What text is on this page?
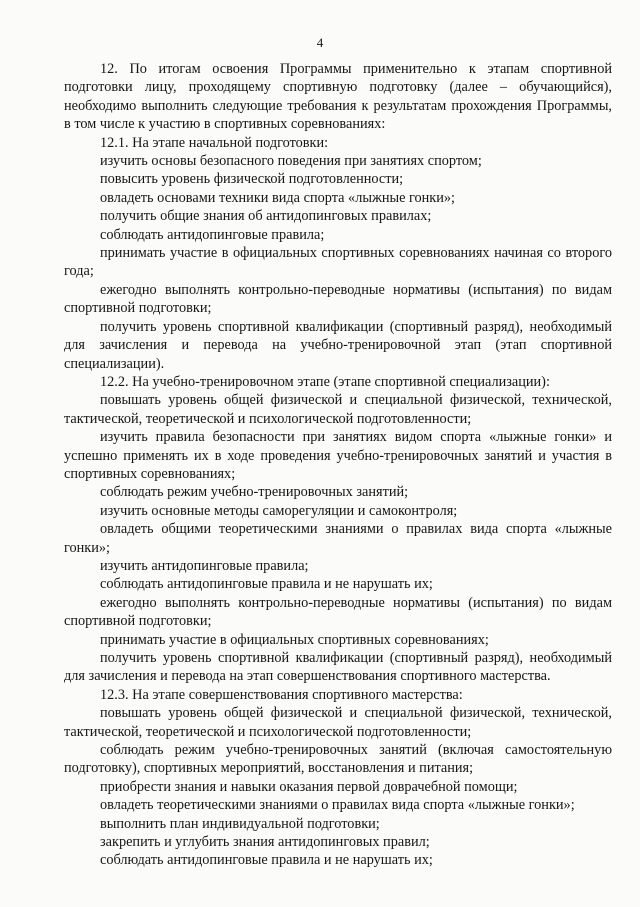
4

12. По итогам освоения Программы применительно к этапам спортивной подготовки лицу, проходящему спортивную подготовку (далее – обучающийся), необходимо выполнить следующие требования к результатам прохождения Программы, в том числе к участию в спортивных соревнованиях:

12.1. На этапе начальной подготовки:

изучить основы безопасного поведения при занятиях спортом;

повысить уровень физической подготовленности;

овладеть основами техники вида спорта «лыжные гонки»;

получить общие знания об антидопинговых правилах;

соблюдать антидопинговые правила;

принимать участие в официальных спортивных соревнованиях начиная со второго года;

ежегодно выполнять контрольно-переводные нормативы (испытания) по видам спортивной подготовки;

получить уровень спортивной квалификации (спортивный разряд), необходимый для зачисления и перевода на учебно-тренировочной этап (этап спортивной специализации).

12.2. На учебно-тренировочном этапе (этапе спортивной специализации):

повышать уровень общей физической и специальной физической, технической, тактической, теоретической и психологической подготовленности;

изучить правила безопасности при занятиях видом спорта «лыжные гонки» и успешно применять их в ходе проведения учебно-тренировочных занятий и участия в спортивных соревнованиях;

соблюдать режим учебно-тренировочных занятий;

изучить основные методы саморегуляции и самоконтроля;

овладеть общими теоретическими знаниями о правилах вида спорта «лыжные гонки»;

изучить антидопинговые правила;

соблюдать антидопинговые правила и не нарушать их;

ежегодно выполнять контрольно-переводные нормативы (испытания) по видам спортивной подготовки;

принимать участие в официальных спортивных соревнованиях;

получить уровень спортивной квалификации (спортивный разряд), необходимый для зачисления и перевода на этап совершенствования спортивного мастерства.

12.3. На этапе совершенствования спортивного мастерства:

повышать уровень общей физической и специальной физической, технической, тактической, теоретической и психологической подготовленности;

соблюдать режим учебно-тренировочных занятий (включая самостоятельную подготовку), спортивных мероприятий, восстановления и питания;

приобрести знания и навыки оказания первой доврачебной помощи;

овладеть теоретическими знаниями о правилах вида спорта «лыжные гонки»;

выполнить план индивидуальной подготовки;

закрепить и углубить знания антидопинговых правил;

соблюдать антидопинговые правила и не нарушать их;
